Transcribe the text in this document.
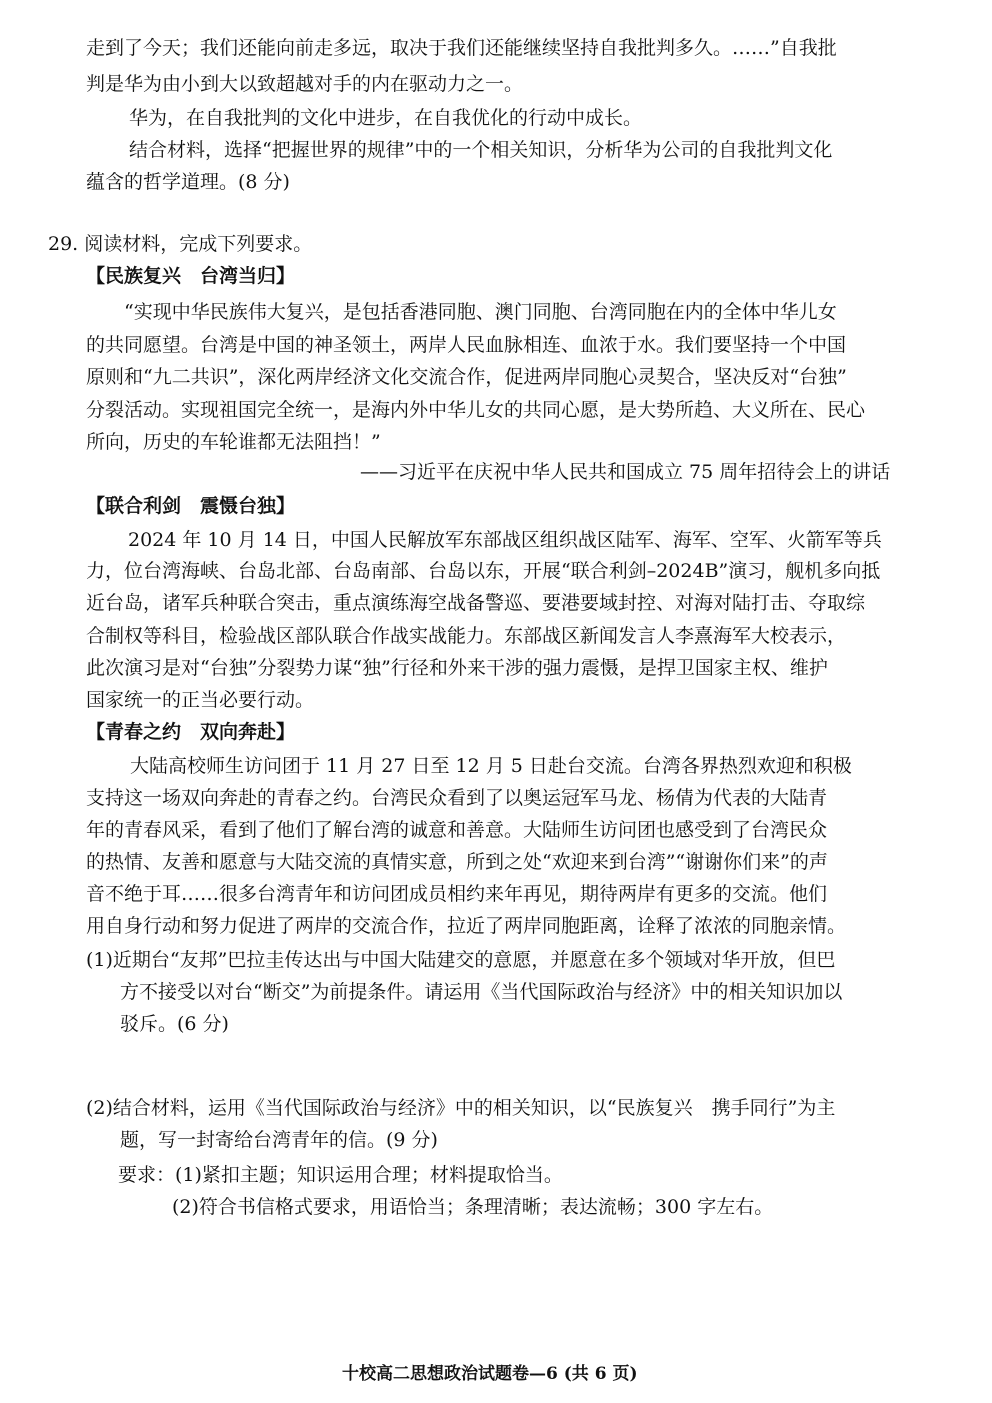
走到了今天；我们还能向前走多远，取决于我们还能继续坚持自我批判多久。……”自我批
判是华为由小到大以致超越对手的内在驱动力之一。
华为，在自我批判的文化中进步，在自我优化的行动中成长。
结合材料，选择“把握世界的规律”中的一个相关知识，分析华为公司的自我批判文化
蕴含的哲学道理。(8 分)
29. 阅读材料，完成下列要求。
【民族复兴　台湾当归】
“实现中华民族伟大复兴，是包括香港同胞、澳门同胞、台湾同胞在内的全体中华儿女
的共同愿望。台湾是中国的神圣领土，两岸人民血脉相连、血浓于水。我们要坚持一个中国
原则和“九二共识”，深化两岸经济文化交流合作，促进两岸同胞心灵契合，坚决反对“台独”
分裂活动。实现祖国完全统一，是海内外中华儿女的共同心愿，是大势所趋、大义所在、民心
所向，历史的车轮谁都无法阻挡！”
——习近平在庆祝中华人民共和国成立 75 周年招待会上的讲话
【联合利剑　震慑台独】
2024 年 10 月 14 日，中国人民解放军东部战区组织战区陆军、海军、空军、火箭军等兵
力，位台湾海峡、台岛北部、台岛南部、台岛以东，开展“联合利剑–2024B”演习，舰机多向抵
近台岛，诸军兵种联合突击，重点演练海空战备警巡、要港要域封控、对海对陆打击、夺取综
合制权等科目，检验战区部队联合作战实战能力。东部战区新闻发言人李熹海军大校表示，
此次演习是对“台独”分裂势力谋“独”行径和外来干涉的强力震慑，是捍卫国家主权、维护
国家统一的正当必要行动。
【青春之约　双向奔赴】
大陆高校师生访问团于 11 月 27 日至 12 月 5 日赴台交流。台湾各界热烈欢迎和积极
支持这一场双向奔赴的青春之约。台湾民众看到了以奥运冠军马龙、杨倩为代表的大陆青
年的青春风采，看到了他们了解台湾的诚意和善意。大陆师生访问团也感受到了台湾民众
的热情、友善和愿意与大陆交流的真情实意，所到之处“欢迎来到台湾”“谢谢你们来”的声
音不绝于耳……很多台湾青年和访问团成员相约来年再见，期待两岸有更多的交流。他们
用自身行动和努力促进了两岸的交流合作，拉近了两岸同胞距离，诠释了浓浓的同胞亲情。
(1)近期台“友邦”巴拉圭传达出与中国大陆建交的意愿，并愿意在多个领域对华开放，但巴
方不接受以对台“断交”为前提条件。请运用《当代国际政治与经济》中的相关知识加以
驳斥。(6 分)
(2)结合材料，运用《当代国际政治与经济》中的相关知识，以“民族复兴　携手同行”为主
题，写一封寄给台湾青年的信。(9 分)
要求：(1)紧扣主题；知识运用合理；材料提取恰当。
(2)符合书信格式要求，用语恰当；条理清晰；表达流畅；300 字左右。
十校高二思想政治试题卷—6 (共 6 页)
